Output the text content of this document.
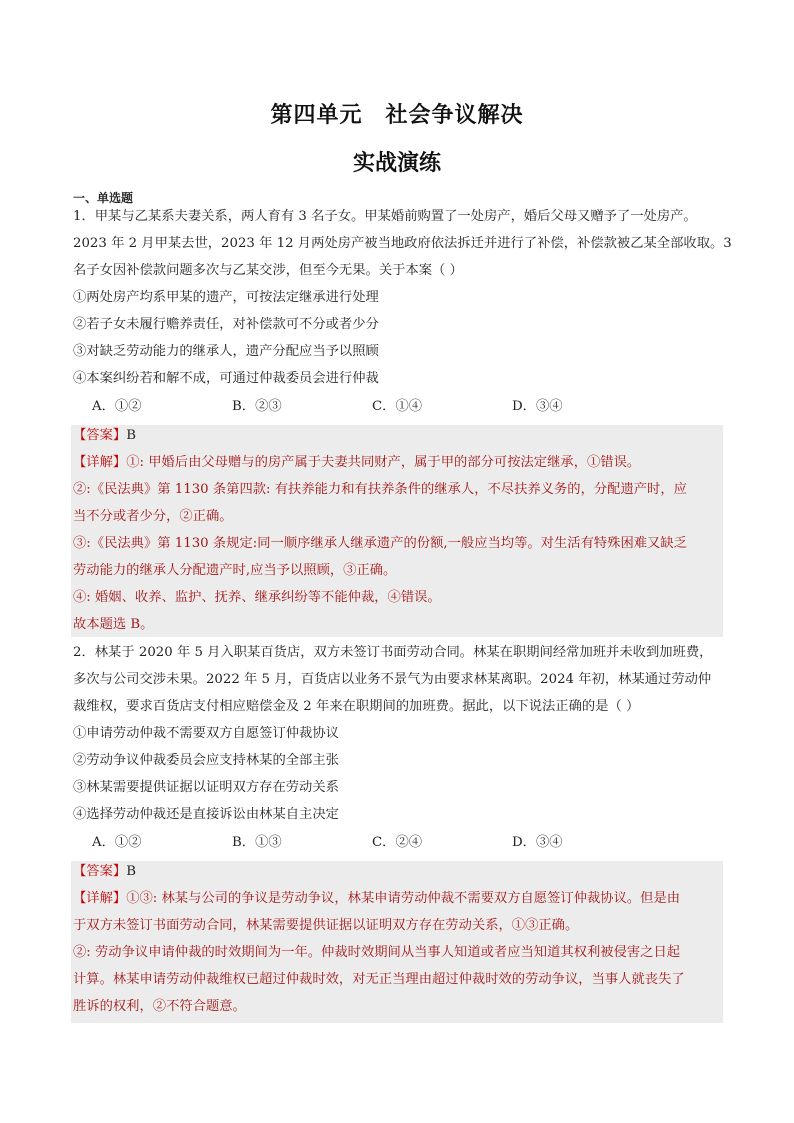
第四单元　社会争议解决
实战演练
一、单选题
1．甲某与乙某系夫妻关系，两人育有 3 名子女。甲某婚前购置了一处房产，婚后父母又赠予了一处房产。
2023 年 2 月甲某去世，2023 年 12 月两处房产被当地政府依法拆迁并进行了补偿，补偿款被乙某全部收取。3
名子女因补偿款问题多次与乙某交涉，但至今无果。关于本案（ ）
①两处房产均系甲某的遗产，可按法定继承进行处理
②若子女未履行赡养责任，对补偿款可不分或者少分
③对缺乏劳动能力的继承人，遗产分配应当予以照顾
④本案纠纷若和解不成，可通过仲裁委员会进行仲裁
A．①②	B．②③	C．①④	D．③④
【答案】B
【详解】①: 甲婚后由父母赠与的房产属于夫妻共同财产，属于甲的部分可按法定继承，①错误。
②:《民法典》第 1130 条第四款: 有扶养能力和有扶养条件的继承人，不尽扶养义务的，分配遗产时，应
当不分或者少分，②正确。
③:《民法典》第 1130 条规定:同一顺序继承人继承遗产的份额,一般应当均等。对生活有特殊困难又缺乏
劳动能力的继承人分配遗产时,应当予以照顾，③正确。
④: 婚姻、收养、监护、抚养、继承纠纷等不能仲裁，④错误。
故本题选 B。
2．林某于 2020 年 5 月入职某百货店，双方未签订书面劳动合同。林某在职期间经常加班并未收到加班费，
多次与公司交涉未果。2022 年 5 月，百货店以业务不景气为由要求林某离职。2024 年初，林某通过劳动仲
裁维权，要求百货店支付相应赔偿金及 2 年来在职期间的加班费。据此，以下说法正确的是（ ）
①申请劳动仲裁不需要双方自愿签订仲裁协议
②劳动争议仲裁委员会应支持林某的全部主张
③林某需要提供证据以证明双方存在劳动关系
④选择劳动仲裁还是直接诉讼由林某自主决定
A．①②	B．①③	C．②④	D．③④
【答案】B
【详解】①③: 林某与公司的争议是劳动争议，林某申请劳动仲裁不需要双方自愿签订仲裁协议。但是由
于双方未签订书面劳动合同，林某需要提供证据以证明双方存在劳动关系，①③正确。
②: 劳动争议申请仲裁的时效期间为一年。仲裁时效期间从当事人知道或者应当知道其权利被侵害之日起
计算。林某申请劳动仲裁维权已超过仲裁时效，对无正当理由超过仲裁时效的劳动争议，当事人就丧失了
胜诉的权利，②不符合题意。
